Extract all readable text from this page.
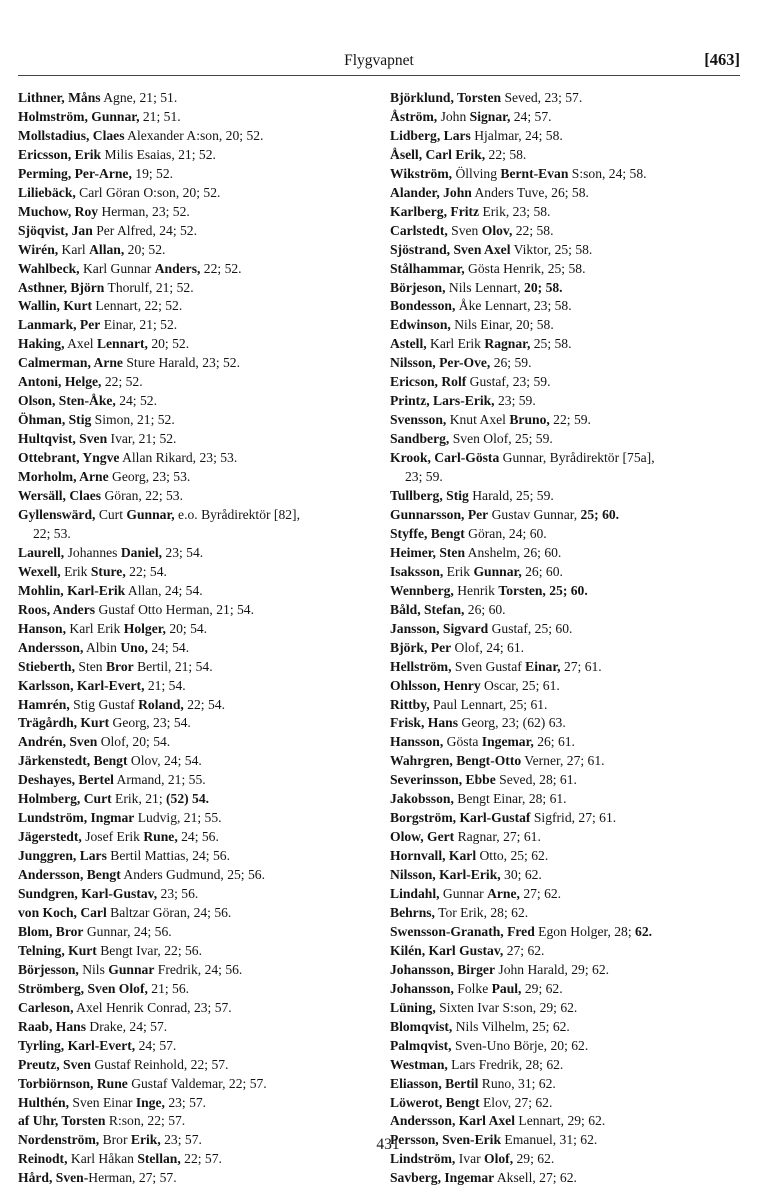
Flygvapnet	[463]
Lithner, Måns Agne, 21; 51.
Holmström, Gunnar, 21; 51.
Mollstadius, Claes Alexander A:son, 20; 52.
Ericsson, Erik Milis Esaias, 21; 52.
Perming, Per-Arne, 19; 52.
Liliebäck, Carl Göran O:son, 20; 52.
Muchow, Roy Herman, 23; 52.
Sjöqvist, Jan Per Alfred, 24; 52.
Wirén, Karl Allan, 20; 52.
Wahlbeck, Karl Gunnar Anders, 22; 52.
Asthner, Björn Thorulf, 21; 52.
Wallin, Kurt Lennart, 22; 52.
Lanmark, Per Einar, 21; 52.
Haking, Axel Lennart, 20; 52.
Calmerman, Arne Sture Harald, 23; 52.
Antoni, Helge, 22; 52.
Olson, Sten-Åke, 24; 52.
Öhman, Stig Simon, 21; 52.
Hultqvist, Sven Ivar, 21; 52.
Ottebrant, Yngve Allan Rikard, 23; 53.
Morholm, Arne Georg, 23; 53.
Wersäll, Claes Göran, 22; 53.
Gyllenswärd, Curt Gunnar, e.o. Byrådirektör [82],
22; 53.
Laurell, Johannes Daniel, 23; 54.
Wexell, Erik Sture, 22; 54.
Mohlin, Karl-Erik Allan, 24; 54.
Roos, Anders Gustaf Otto Herman, 21; 54.
Hanson, Karl Erik Holger, 20; 54.
Andersson, Albin Uno, 24; 54.
Stieberth, Sten Bror Bertil, 21; 54.
Karlsson, Karl-Evert, 21; 54.
Hamrén, Stig Gustaf Roland, 22; 54.
Trägårdh, Kurt Georg, 23; 54.
Andrén, Sven Olof, 20; 54.
Järkenstedt, Bengt Olov, 24; 54.
Deshayes, Bertel Armand, 21; 55.
Holmberg, Curt Erik, 21; (52) 54.
Lundström, Ingmar Ludvig, 21; 55.
Jägerstedt, Josef Erik Rune, 24; 56.
Junggren, Lars Bertil Mattias, 24; 56.
Andersson, Bengt Anders Gudmund, 25; 56.
Sundgren, Karl-Gustav, 23; 56.
von Koch, Carl Baltzar Göran, 24; 56.
Blom, Bror Gunnar, 24; 56.
Telning, Kurt Bengt Ivar, 22; 56.
Börjesson, Nils Gunnar Fredrik, 24; 56.
Strömberg, Sven Olof, 21; 56.
Carleson, Axel Henrik Conrad, 23; 57.
Raab, Hans Drake, 24; 57.
Tyrling, Karl-Evert, 24; 57.
Preutz, Sven Gustaf Reinhold, 22; 57.
Torbiörnson, Rune Gustaf Valdemar, 22; 57.
Hulthén, Sven Einar Inge, 23; 57.
af Uhr, Torsten R:son, 22; 57.
Nordenström, Bror Erik, 23; 57.
Reinodt, Karl Håkan Stellan, 22; 57.
Hård, Sven-Herman, 27; 57.
Björklund, Torsten Seved, 23; 57.
Åström, John Signar, 24; 57.
Lidberg, Lars Hjalmar, 24; 58.
Åsell, Carl Erik, 22; 58.
Wikström, Öllving Bernt-Evan S:son, 24; 58.
Alander, John Anders Tuve, 26; 58.
Karlberg, Fritz Erik, 23; 58.
Carlstedt, Sven Olov, 22; 58.
Sjöstrand, Sven Axel Viktor, 25; 58.
Stålhammar, Gösta Henrik, 25; 58.
Börjeson, Nils Lennart, 20; 58.
Bondesson, Åke Lennart, 23; 58.
Edwinson, Nils Einar, 20; 58.
Astell, Karl Erik Ragnar, 25; 58.
Nilsson, Per-Ove, 26; 59.
Ericson, Rolf Gustaf, 23; 59.
Printz, Lars-Erik, 23; 59.
Svensson, Knut Axel Bruno, 22; 59.
Sandberg, Sven Olof, 25; 59.
Krook, Carl-Gösta Gunnar, Byrådirektör [75a],
23; 59.
Tullberg, Stig Harald, 25; 59.
Gunnarsson, Per Gustav Gunnar, 25; 60.
Styffe, Bengt Göran, 24; 60.
Heimer, Sten Anshelm, 26; 60.
Isaksson, Erik Gunnar, 26; 60.
Wennberg, Henrik Torsten, 25; 60.
Båld, Stefan, 26; 60.
Jansson, Sigvard Gustaf, 25; 60.
Björk, Per Olof, 24; 61.
Hellström, Sven Gustaf Einar, 27; 61.
Ohlsson, Henry Oscar, 25; 61.
Rittby, Paul Lennart, 25; 61.
Frisk, Hans Georg, 23; (62) 63.
Hansson, Gösta Ingemar, 26; 61.
Wahrgren, Bengt-Otto Verner, 27; 61.
Severinsson, Ebbe Seved, 28; 61.
Jakobsson, Bengt Einar, 28; 61.
Borgström, Karl-Gustaf Sigfrid, 27; 61.
Olow, Gert Ragnar, 27; 61.
Hornvall, Karl Otto, 25; 62.
Nilsson, Karl-Erik, 30; 62.
Lindahl, Gunnar Arne, 27; 62.
Behrns, Tor Erik, 28; 62.
Swensson-Granath, Fred Egon Holger, 28; 62.
Kilén, Karl Gustav, 27; 62.
Johansson, Birger John Harald, 29; 62.
Johansson, Folke Paul, 29; 62.
Lüning, Sixten Ivar S:son, 29; 62.
Blomqvist, Nils Vilhelm, 25; 62.
Palmqvist, Sven-Uno Börje, 20; 62.
Westman, Lars Fredrik, 28; 62.
Eliasson, Bertil Runo, 31; 62.
Löwerot, Bengt Elov, 27; 62.
Andersson, Karl Axel Lennart, 29; 62.
Persson, Sven-Erik Emanuel, 31; 62.
Lindström, Ivar Olof, 29; 62.
Savberg, Ingemar Aksell, 27; 62.
431
